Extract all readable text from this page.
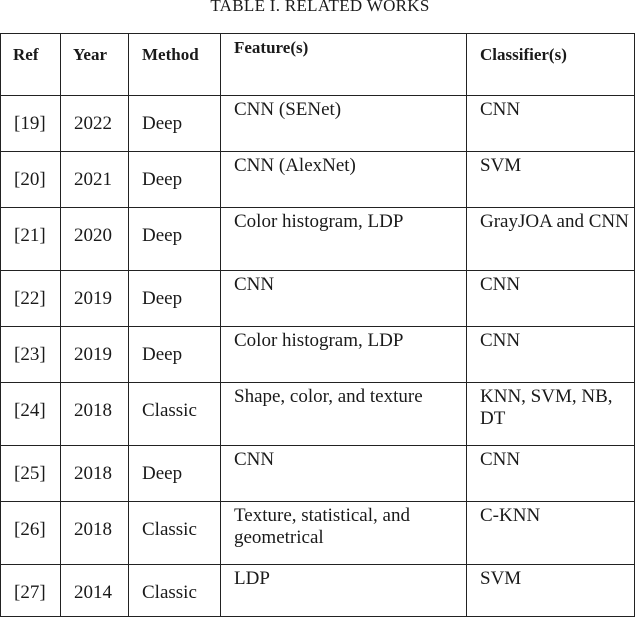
TABLE I. RELATED WORKS
Ref	Year	Method	Feature(s)	Classifier(s)

[19]	2022	Deep	CNN (SENet)	CNN

[20]	2021	Deep	CNN (AlexNet)	SVM

[21]	2020	Deep	Color histogram, LDP	GrayJOA and CNN

[22]	2019	Deep	CNN	CNN

[23]	2019	Deep	Color histogram, LDP	CNN

[24]	2018	Classic	Shape, color, and texture	KNN, SVM, NB, DT

[25]	2018	Deep	CNN	CNN

[26]	2018	Classic	Texture, statistical, and geometrical	C-KNN

[27]	2014	Classic	LDP	SVM
